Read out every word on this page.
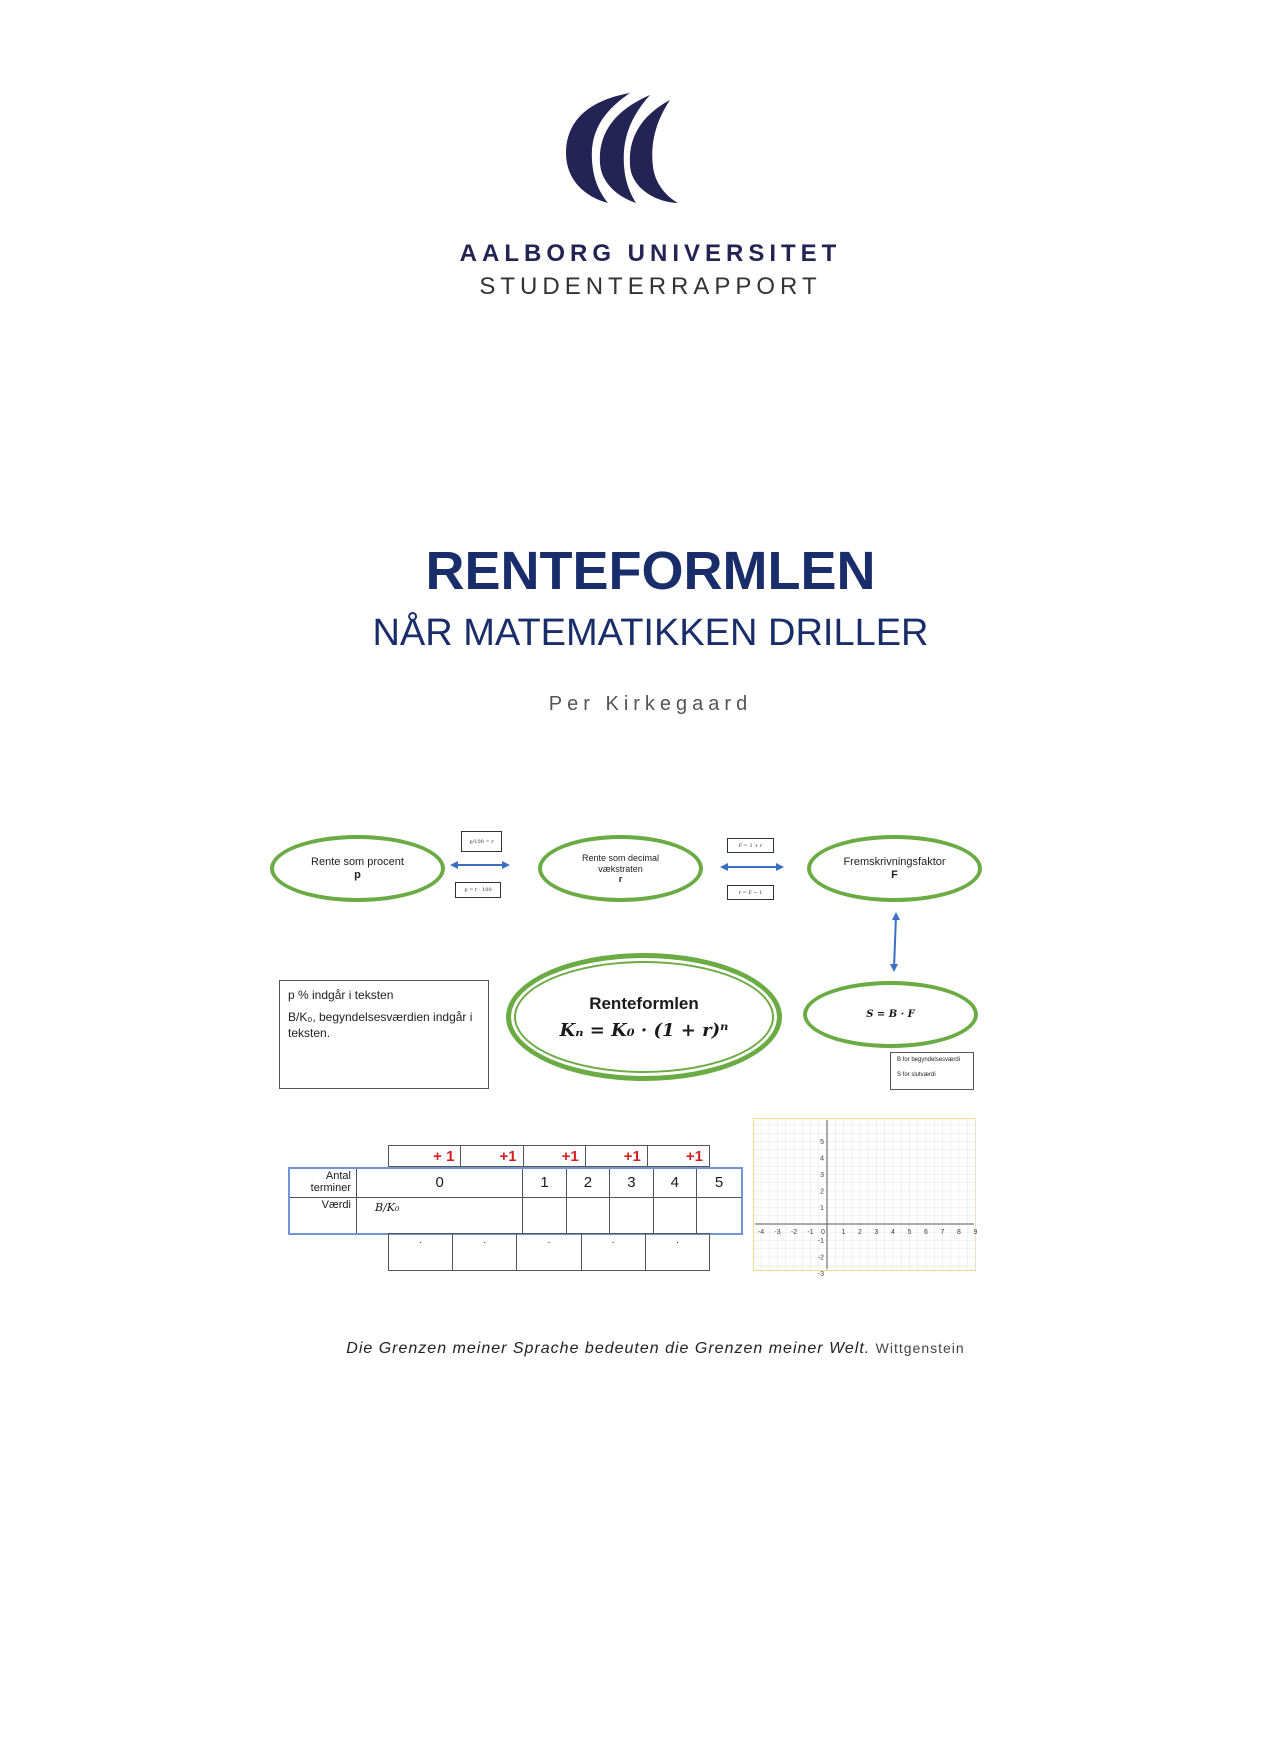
AALBORG UNIVERSITET
STUDENTERRAPPORT
RENTEFORMLEN
NÅR MATEMATIKKEN DRILLER
Per Kirkegaard
Rente som procent
p
p/100 = r
p = r · 100
Rente som decimal
vækstraten
r
F = 1 + r
r = F − 1
Fremskrivningsfaktor
F
p % indgår i teksten
B/K₀, begyndelsesværdien indgår i teksten.
Renteformlen
Kₙ = K₀ · (1 + r)ⁿ
S = B · F
B for begyndelsesværdi
S for slutværdi
+ 1	+1	+1	+1	+1
Antal terminer	0	1	2	3	4	5
Værdi	B/K₀					
.	.	.	.	.
-4 -3 -2 -1 0 1 2 3 4 5 6 7 8 9
5
4
3
2
1
-1
-2
-3
Die Grenzen meiner Sprache bedeuten die Grenzen meiner Welt. Wittgenstein
